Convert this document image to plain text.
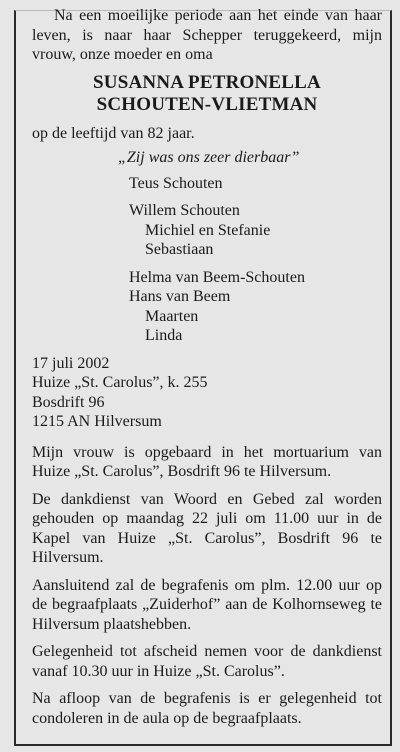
Na een moeilijke periode aan het einde van haar leven, is naar haar Schepper teruggekeerd, mijn vrouw, onze moeder en oma

SUSANNA PETRONELLA

SCHOUTEN-VLIETMAN

op de leeftijd van 82 jaar.

„Zij was ons zeer dierbaar”

Teus Schouten

Willem Schouten

Michiel en Stefanie

Sebastiaan

Helma van Beem-Schouten

Hans van Beem

Maarten

Linda

17 juli 2002

Huize „St. Carolus”, k. 255

Bosdrift 96

1215 AN Hilversum

Mijn vrouw is opgebaard in het mortuarium van Huize „St. Carolus”, Bosdrift 96 te Hilversum.

De dankdienst van Woord en Gebed zal worden gehouden op maandag 22 juli om 11.00 uur in de Kapel van Huize „St. Carolus”, Bosdrift 96 te Hilversum.

Aansluitend zal de begrafenis om plm. 12.00 uur op de begraafplaats „Zuiderhof” aan de Kolhornseweg te Hilversum plaatshebben.

Gelegenheid tot afscheid nemen voor de dankdienst vanaf 10.30 uur in Huize „St. Carolus”.

Na afloop van de begrafenis is er gelegenheid tot condoleren in de aula op de begraafplaats.
